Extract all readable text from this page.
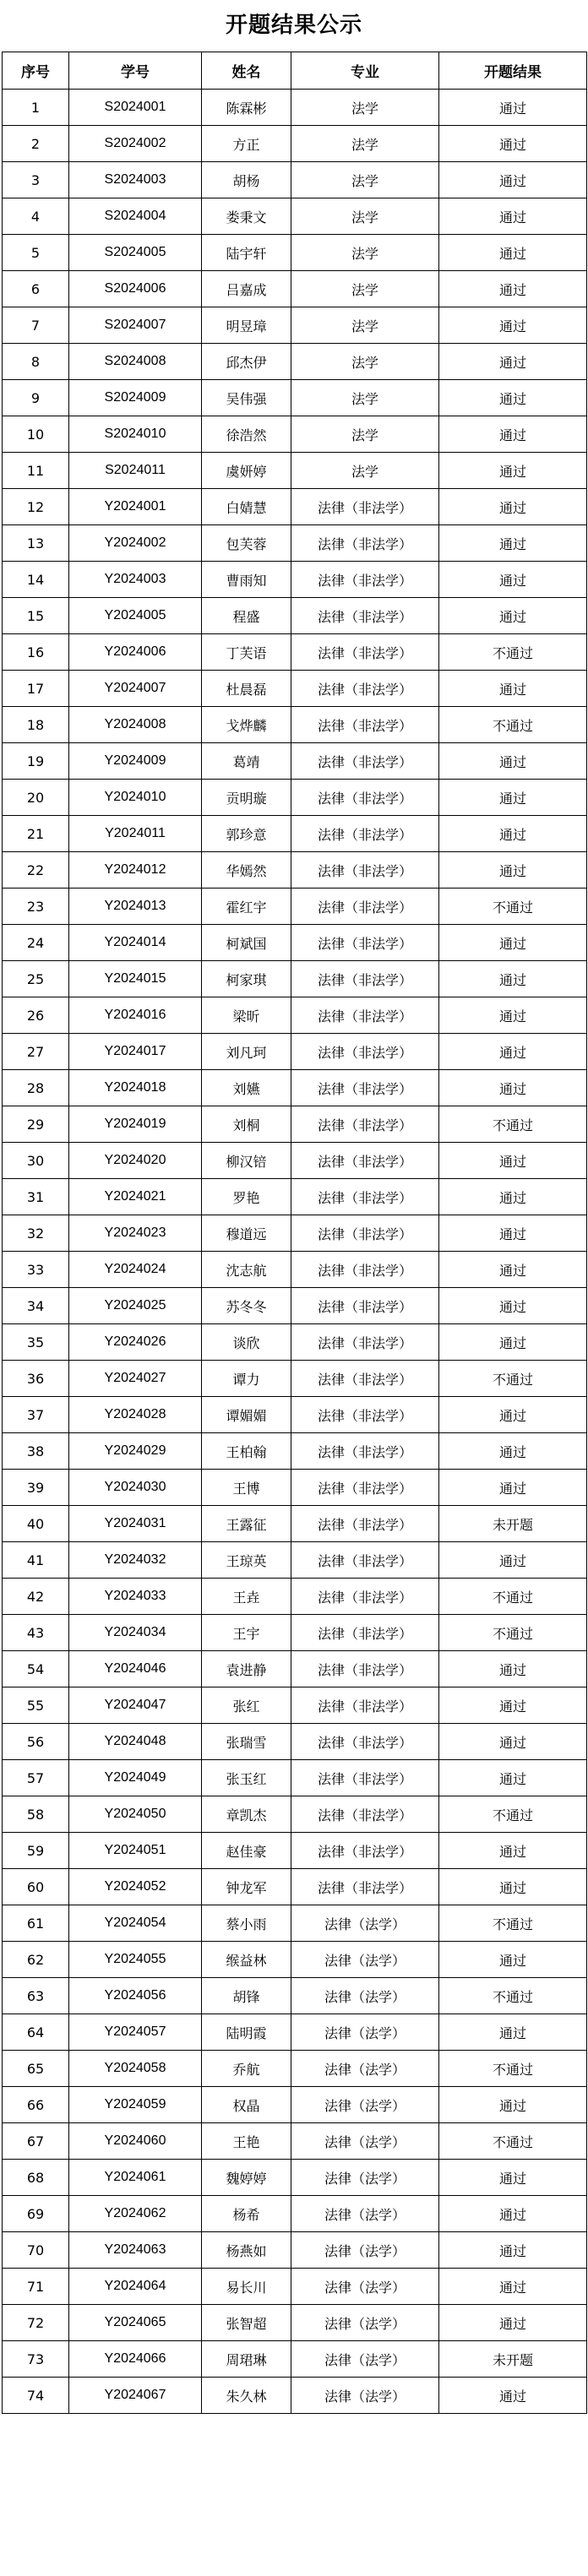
开题结果公示
序号	学号	姓名	专业	开题结果
1	S2024001	陈霖彬	法学	通过
2	S2024002	方正	法学	通过
3	S2024003	胡杨	法学	通过
4	S2024004	娄秉文	法学	通过
5	S2024005	陆宇轩	法学	通过
6	S2024006	吕嘉成	法学	通过
7	S2024007	明昱璋	法学	通过
8	S2024008	邱杰伊	法学	通过
9	S2024009	吴伟强	法学	通过
10	S2024010	徐浩然	法学	通过
11	S2024011	虞妍婷	法学	通过
12	Y2024001	白婧慧	法律（非法学）	通过
13	Y2024002	包芙蓉	法律（非法学）	通过
14	Y2024003	曹雨知	法律（非法学）	通过
15	Y2024005	程盛	法律（非法学）	通过
16	Y2024006	丁芙语	法律（非法学）	不通过
17	Y2024007	杜晨磊	法律（非法学）	通过
18	Y2024008	戈烨麟	法律（非法学）	不通过
19	Y2024009	葛靖	法律（非法学）	通过
20	Y2024010	贡明璇	法律（非法学）	通过
21	Y2024011	郭珍意	法律（非法学）	通过
22	Y2024012	华嫣然	法律（非法学）	通过
23	Y2024013	霍红宇	法律（非法学）	不通过
24	Y2024014	柯斌国	法律（非法学）	通过
25	Y2024015	柯家琪	法律（非法学）	通过
26	Y2024016	梁昕	法律（非法学）	通过
27	Y2024017	刘凡珂	法律（非法学）	通过
28	Y2024018	刘嬿	法律（非法学）	通过
29	Y2024019	刘桐	法律（非法学）	不通过
30	Y2024020	柳汉锫	法律（非法学）	通过
31	Y2024021	罗艳	法律（非法学）	通过
32	Y2024023	穆道远	法律（非法学）	通过
33	Y2024024	沈志航	法律（非法学）	通过
34	Y2024025	苏冬冬	法律（非法学）	通过
35	Y2024026	谈欣	法律（非法学）	通过
36	Y2024027	谭力	法律（非法学）	不通过
37	Y2024028	谭媚媚	法律（非法学）	通过
38	Y2024029	王柏翰	法律（非法学）	通过
39	Y2024030	王博	法律（非法学）	通过
40	Y2024031	王露征	法律（非法学）	未开题
41	Y2024032	王琼英	法律（非法学）	通过
42	Y2024033	王垚	法律（非法学）	不通过
43	Y2024034	王宇	法律（非法学）	不通过
54	Y2024046	袁进静	法律（非法学）	通过
55	Y2024047	张红	法律（非法学）	通过
56	Y2024048	张瑞雪	法律（非法学）	通过
57	Y2024049	张玉红	法律（非法学）	通过
58	Y2024050	章凯杰	法律（非法学）	不通过
59	Y2024051	赵佳豪	法律（非法学）	通过
60	Y2024052	钟龙军	法律（非法学）	通过
61	Y2024054	蔡小雨	法律（法学）	不通过
62	Y2024055	缑益林	法律（法学）	通过
63	Y2024056	胡锋	法律（法学）	不通过
64	Y2024057	陆明霞	法律（法学）	通过
65	Y2024058	乔航	法律（法学）	不通过
66	Y2024059	权晶	法律（法学）	通过
67	Y2024060	王艳	法律（法学）	不通过
68	Y2024061	魏婷婷	法律（法学）	通过
69	Y2024062	杨希	法律（法学）	通过
70	Y2024063	杨燕如	法律（法学）	通过
71	Y2024064	易长川	法律（法学）	通过
72	Y2024065	张智超	法律（法学）	通过
73	Y2024066	周珺琳	法律（法学）	未开题
74	Y2024067	朱久林	法律（法学）	通过
